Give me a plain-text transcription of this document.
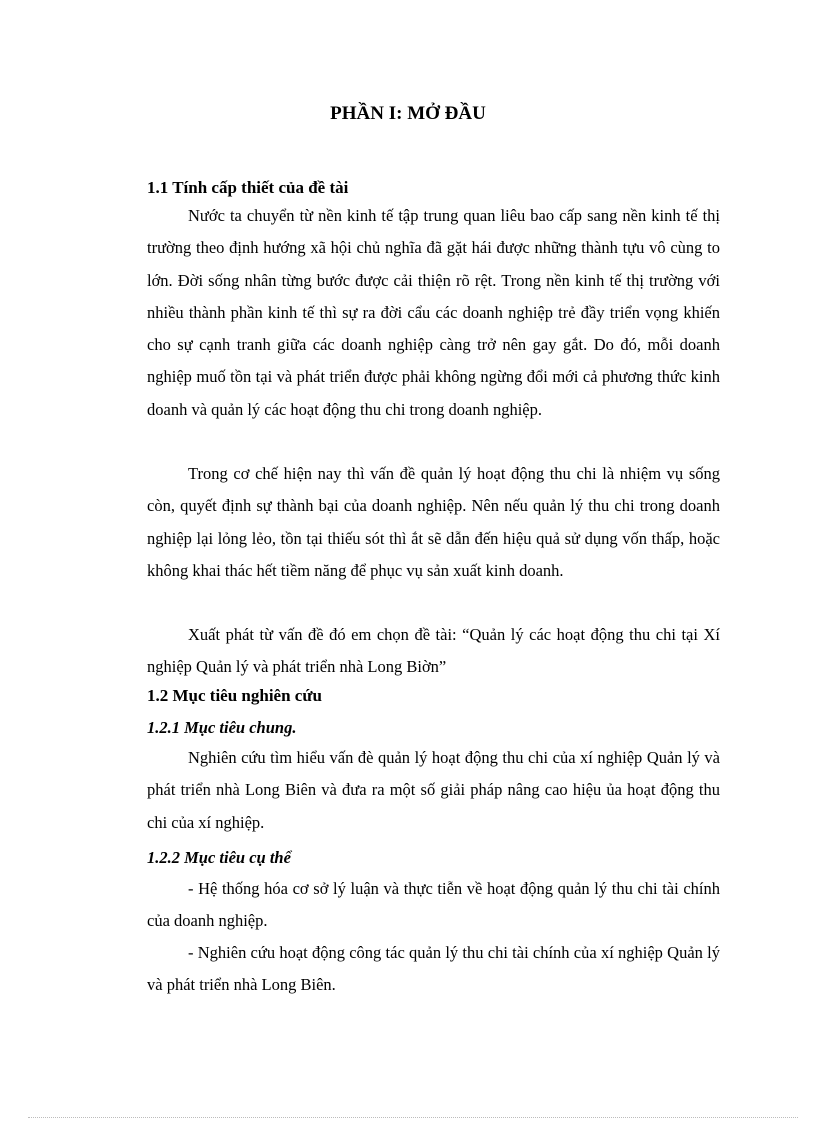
PHẦN I: MỞ ĐẦU
1.1 Tính cấp thiết của đề tài

Nước ta chuyển từ nền kinh tế tập trung quan liêu bao cấp sang nền kinh tế thị trường theo định hướng xã hội chủ nghĩa đã gặt hái được những thành tựu vô cùng to lớn. Đời sống nhân từng bước được cải thiện rõ rệt. Trong nền kinh tế thị trường với nhiều thành phần kinh tế thì sự ra đời cẩu các doanh nghiệp trẻ đầy triển vọng khiến cho sự cạnh tranh giữa các doanh nghiệp càng trở nên gay gắt. Do đó, mỗi doanh nghiệp muố tồn tại và phát triển được phải không ngừng đổi mới cả phương thức kinh doanh và quản lý các hoạt động thu chi trong doanh nghiệp.

Trong cơ chế hiện nay thì vấn đề quản lý hoạt động thu chi là nhiệm vụ sống còn, quyết định sự thành bại của doanh nghiệp. Nên nếu quản lý thu chi trong doanh nghiệp lại lỏng lẻo, tồn tại thiếu sót thì ắt sẽ dẫn đến hiệu quả sử dụng vốn thấp, hoặc không khai thác hết tiềm năng để phục vụ sản xuất kinh doanh.

Xuất phát từ vấn đề đó em chọn đề tài: “Quản lý các hoạt động thu chi tại Xí nghiệp Quản lý và phát triển nhà Long Biờn”

1.2 Mục tiêu nghiên cứu
1.2.1 Mục tiêu chung.

Nghiên cứu tìm hiểu vấn đè quản lý hoạt động thu chi của xí nghiệp Quản lý và phát triển nhà Long Biên và đưa ra một số giải pháp nâng cao hiệu ủa hoạt động thu chi của xí nghiệp.

1.2.2 Mục tiêu cụ thể

- Hệ thống hóa cơ sở lý luận và thực tiễn về hoạt động quản lý thu chi tài chính của doanh nghiệp.

- Nghiên cứu hoạt động công tác quản lý thu chi tài chính của xí nghiệp Quản lý và phát triển nhà Long Biên.
